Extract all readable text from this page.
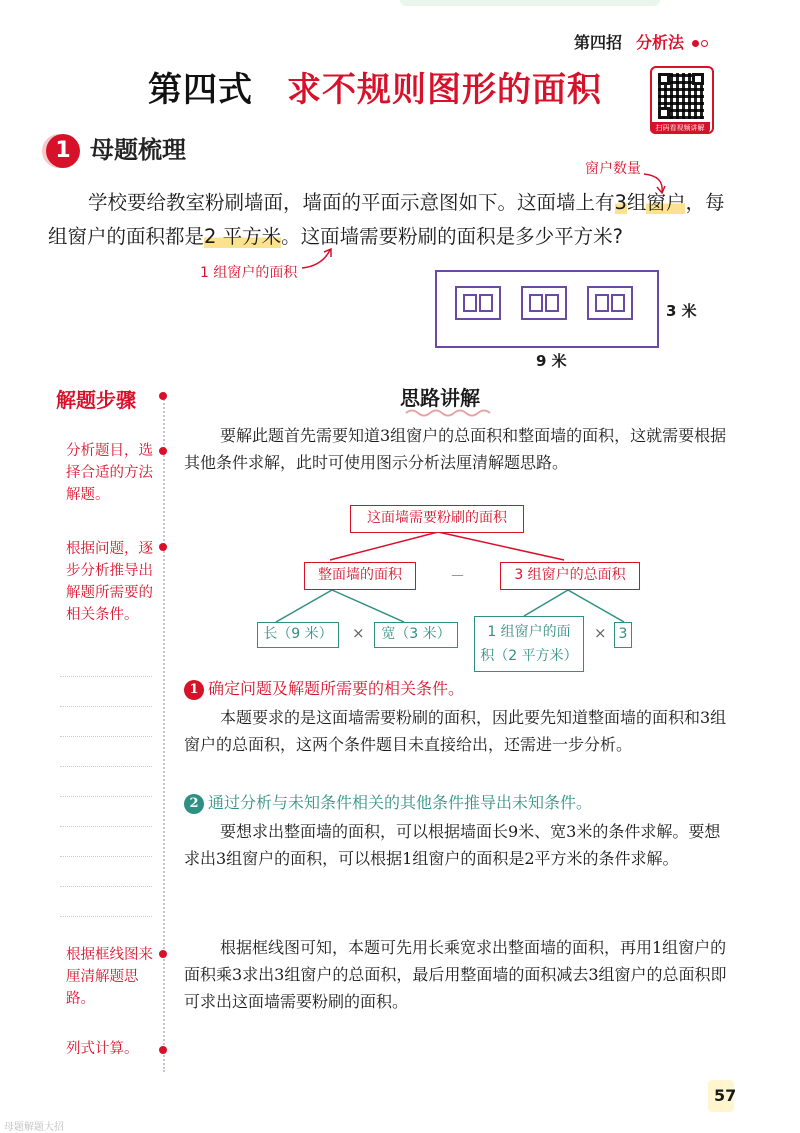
第四招 分析法
第四式 求不规则图形的面积
扫码看视频讲解
1 母题梳理
窗户数量

学校要给教室粉刷墙面，墙面的平面示意图如下。这面墙上有3组窗户，每组窗户的面积都是2 平方米。这面墙需要粉刷的面积是多少平方米?

1 组窗户的面积
3 米
9 米
解题步骤
分析题目，选择合适的方法解题。
根据问题，逐步分析推导出解题所需要的相关条件。
根据框线图来厘清解题思路。
列式计算。
思路讲解

要解此题首先需要知道3组窗户的总面积和整面墙的面积，这就需要根据其他条件求解，此时可使用图示分析法厘清解题思路。

这面墙需要粉刷的面积
整面墙的面积	－	3 组窗户的总面积
长（9 米）	×	宽（3 米）	1 组窗户的面
积（2 平方米）
× 3
1 确定问题及解题所需要的相关条件。

本题要求的是这面墙需要粉刷的面积，因此要先知道整面墙的面积和3组窗户的总面积，这两个条件题目未直接给出，还需进一步分析。

2 通过分析与未知条件相关的其他条件推导出未知条件。

要想求出整面墙的面积，可以根据墙面长9米、宽3米的条件求解。要想求出3组窗户的面积，可以根据1组窗户的面积是2平方米的条件求解。

根据框线图可知，本题可先用长乘宽求出整面墙的面积，再用1组窗户的面积乘3求出3组窗户的总面积，最后用整面墙的面积减去3组窗户的总面积即可求出这面墙需要粉刷的面积。

57
母题解题大招
